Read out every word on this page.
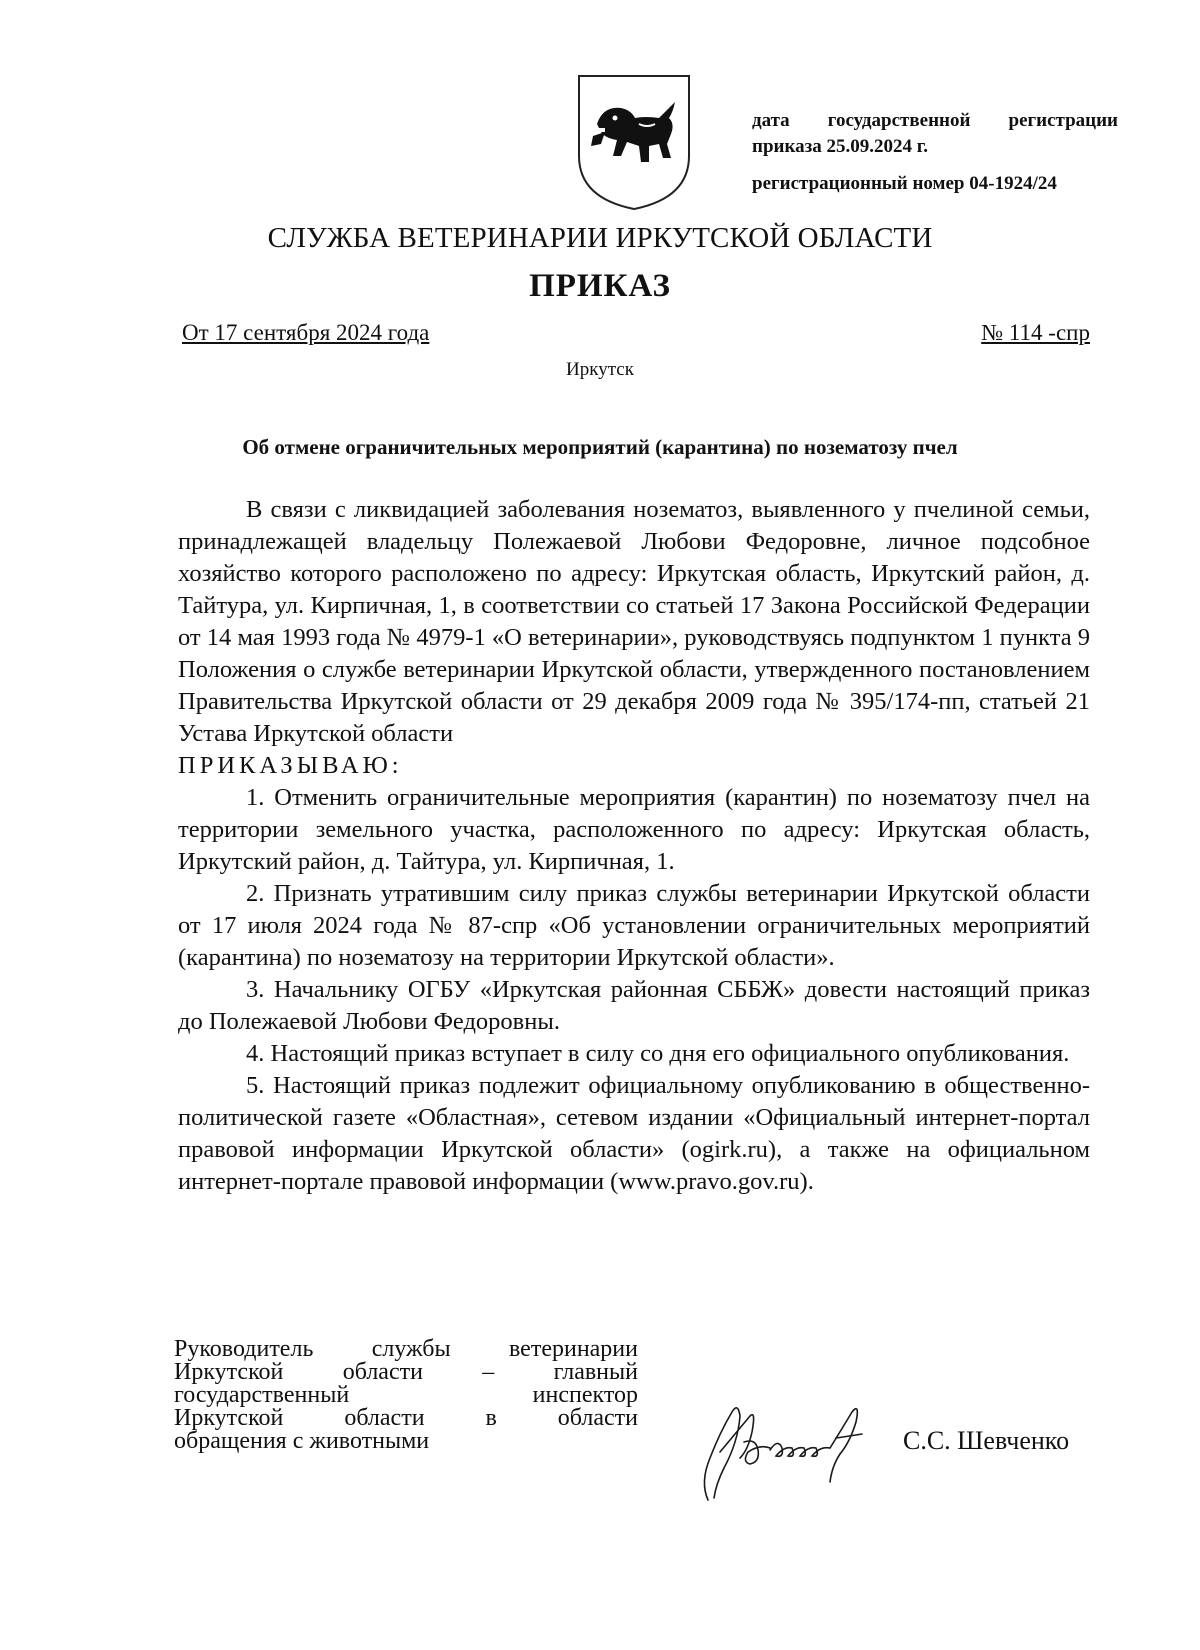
дата государственной регистрации
приказа 25.09.2024 г.
регистрационный номер 04-1924/24
СЛУЖБА ВЕТЕРИНАРИИ ИРКУТСКОЙ ОБЛАСТИ
ПРИКАЗ
От 17 сентября 2024 года	№ 114 -спр
Иркутск
Об отмене ограничительных мероприятий (карантина) по нозематозу пчел

В связи с ликвидацией заболевания нозематоз, выявленного у пчелиной семьи, принадлежащей владельцу Полежаевой Любови Федоровне, личное подсобное хозяйство которого расположено по адресу: Иркутская область, Иркутский район, д. Тайтура, ул. Кирпичная, 1, в соответствии со статьей 17 Закона Российской Федерации от 14 мая 1993 года № 4979-1 «О ветеринарии», руководствуясь подпунктом 1 пункта 9 Положения о службе ветеринарии Иркутской области, утвержденного постановлением Правительства Иркутской области от 29 декабря 2009 года № 395/174-пп, статьей 21 Устава Иркутской области

ПРИКАЗЫВАЮ:

1. Отменить ограничительные мероприятия (карантин) по нозематозу пчел на территории земельного участка, расположенного по адресу: Иркутская область, Иркутский район, д. Тайтура, ул. Кирпичная, 1.

2. Признать утратившим силу приказ службы ветеринарии Иркутской области от 17 июля 2024 года № 87-спр «Об установлении ограничительных мероприятий (карантина) по нозематозу на территории Иркутской области».

3. Начальнику ОГБУ «Иркутская районная СББЖ» довести настоящий приказ до Полежаевой Любови Федоровны.

4. Настоящий приказ вступает в силу со дня его официального опубликования.

5. Настоящий приказ подлежит официальному опубликованию в общественно-политической газете «Областная», сетевом издании «Официальный интернет-портал правовой информации Иркутской области» (ogirk.ru), а также на официальном интернет-портале правовой информации (www.pravo.gov.ru).

Руководитель службы ветеринарии
Иркутской области – главный
государственный инспектор
Иркутской области в области
обращения с животными	С.С. Шевченко
